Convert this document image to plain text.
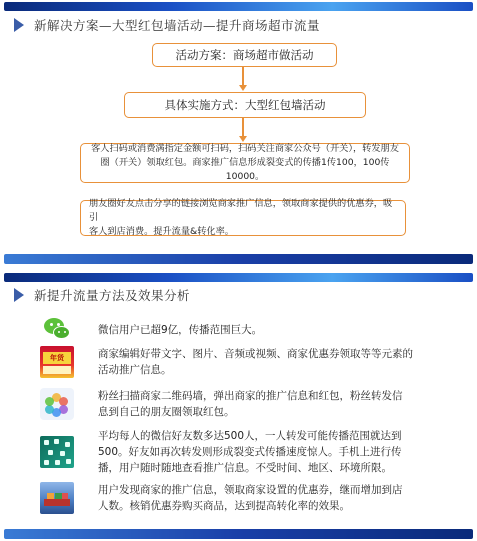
新解决方案—大型红包墙活动—提升商场超市流量
活动方案：商场超市做活动
具体实施方式：大型红包墙活动
客人扫码或消费满指定金额可扫码，扫码关注商家公众号（开关），转发朋友
圈（开关）领取红包。商家推广信息形成裂变式的传播1传100，100传10000。
朋友圈好友点击分享的链接浏览商家推广信息，领取商家提供的优惠券，吸引
客人到店消费。提升流量&转化率。
新提升流量方法及效果分析
微信用户已超9亿，传播范围巨大。
年货	商家编辑好带文字、图片、音频或视频、商家优惠券领取等等元素的
活动推广信息。
粉丝扫描商家二维码墙，弹出商家的推广信息和红包，粉丝转发信
息到自己的朋友圈领取红包。
平均每人的微信好友数多达500人，一人转发可能传播范围就达到
500。好友如再次转发则形成裂变式传播速度惊人。手机上进行传
播，用户随时随地查看推广信息。不受时间、地区、环境所限。
用户发现商家的推广信息，领取商家设置的优惠券，继而增加到店
人数。核销优惠券购买商品，达到提高转化率的效果。
